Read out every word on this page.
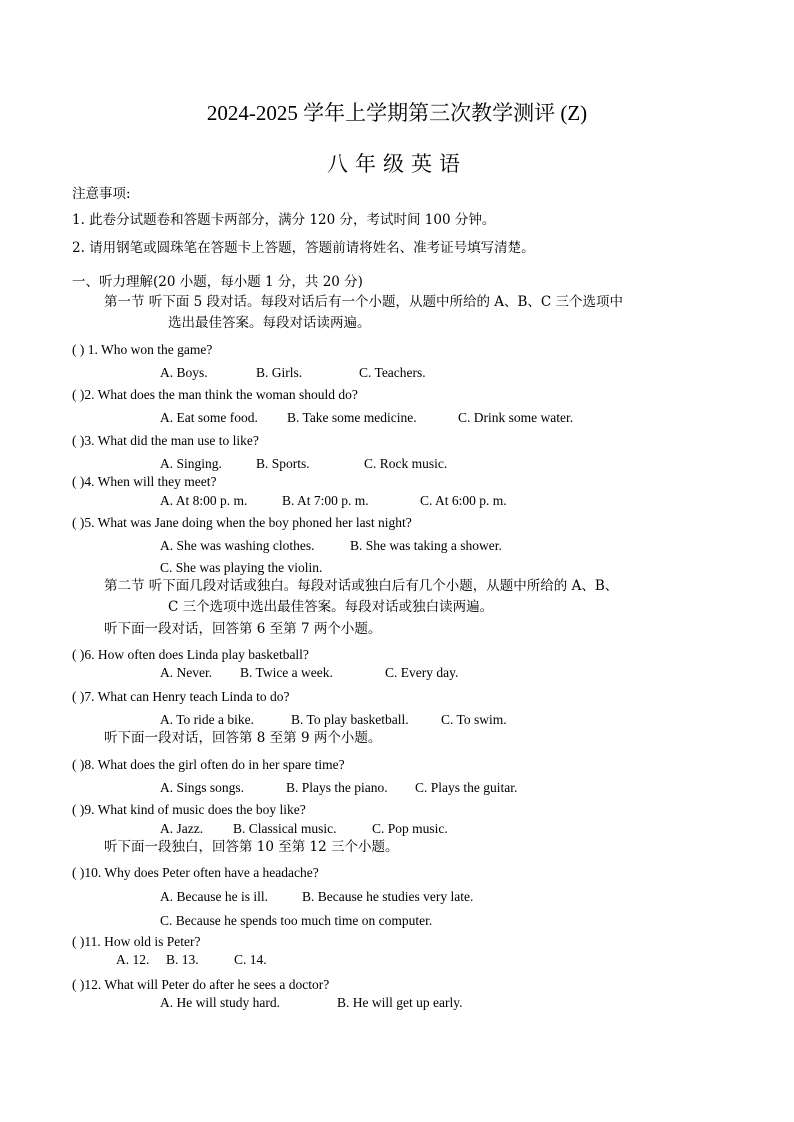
2024-2025 学年上学期第三次教学测评 (Z)
八年级英语
注意事项:
1. 此卷分试题卷和答题卡两部分，满分 120 分，考试时间 100 分钟。
2. 请用钢笔或圆珠笔在答题卡上答题，答题前请将姓名、准考证号填写清楚。
一、听力理解(20 小题，每小题 1 分，共 20 分)
第一节 听下面 5 段对话。每段对话后有一个小题，从题中所给的 A、B、C 三个选项中
选出最佳答案。每段对话读两遍。
( ) 1. Who won the game?
A. Boys.	B. Girls.	C. Teachers.
( )2. What does the man think the woman should do?
A. Eat some food. B. Take some medicine.	C. Drink some water.
( )3. What did the man use to like?
A. Singing.	B. Sports.	C. Rock music.
( )4. When will they meet?
A. At 8:00 p. m.	B. At 7:00 p. m.	C. At 6:00 p. m.
( )5. What was Jane doing when the boy phoned her last night?
A. She was washing clothes.	B. She was taking a shower.
C. She was playing the violin.
第二节 听下面几段对话或独白。每段对话或独白后有几个小题，从题中所给的 A、B、
C 三个选项中选出最佳答案。每段对话或独白读两遍。
听下面一段对话，回答第 6 至第 7 两个小题。
( )6. How often does Linda play basketball?
A. Never. B. Twice a week.	C. Every day.
( )7. What can Henry teach Linda to do?
A. To ride a bike.	B. To play basketball. C. To swim.
听下面一段对话，回答第 8 至第 9 两个小题。
( )8. What does the girl often do in her spare time?
A. Sings songs.	B. Plays the piano. C. Plays the guitar.
( )9. What kind of music does the boy like?
A. Jazz. B. Classical music.	C. Pop music.
听下面一段独白，回答第 10 至第 12 三个小题。
( )10. Why does Peter often have a headache?
A. Because he is ill.	B. Because he studies very late.
C. Because he spends too much time on computer.
( )11. How old is Peter?
A. 12. B. 13.	C. 14.
( )12. What will Peter do after he sees a doctor?
A. He will study hard.	B. He will get up early.
